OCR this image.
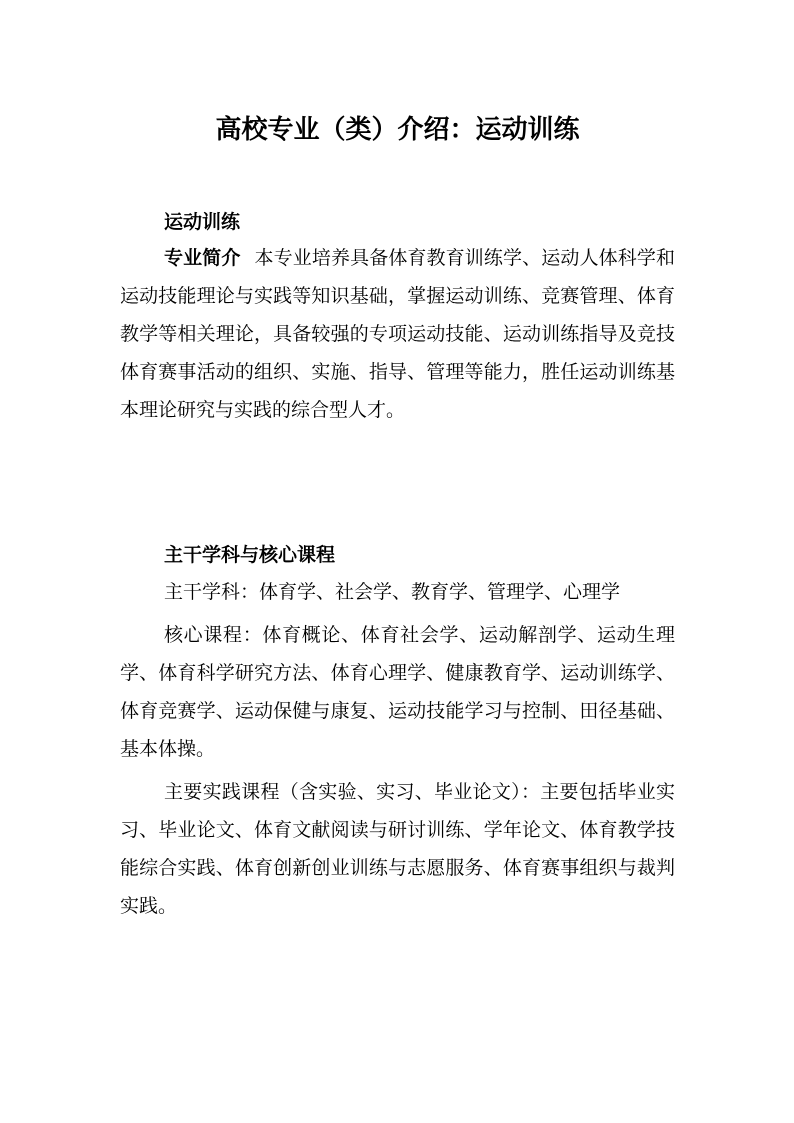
高校专业（类）介绍：运动训练
运动训练

专业简介 本专业培养具备体育教育训练学、运动人体科学和运动技能理论与实践等知识基础，掌握运动训练、竞赛管理、体育教学等相关理论，具备较强的专项运动技能、运动训练指导及竞技体育赛事活动的组织、实施、指导、管理等能力，胜任运动训练基本理论研究与实践的综合型人才。

主干学科与核心课程

主干学科：体育学、社会学、教育学、管理学、心理学

核心课程：体育概论、体育社会学、运动解剖学、运动生理学、体育科学研究方法、体育心理学、健康教育学、运动训练学、体育竞赛学、运动保健与康复、运动技能学习与控制、田径基础、基本体操。

主要实践课程（含实验、实习、毕业论文）：主要包括毕业实习、毕业论文、体育文献阅读与研讨训练、学年论文、体育教学技能综合实践、体育创新创业训练与志愿服务、体育赛事组织与裁判实践。
